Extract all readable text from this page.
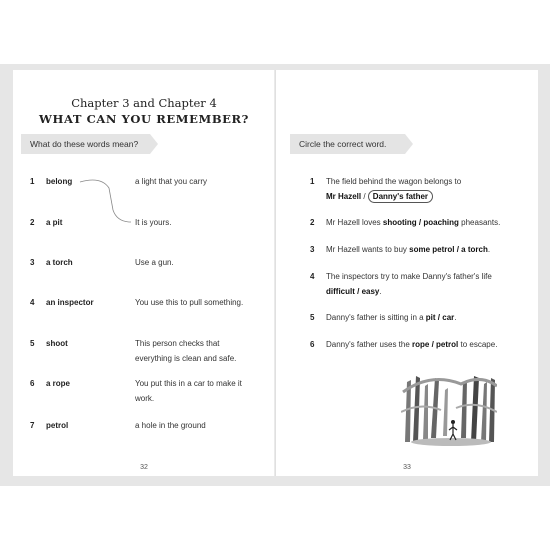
Chapter 3 and Chapter 4
WHAT CAN YOU REMEMBER?
What do these words mean?
1 belong	a light that you carry
2 a pit	It is yours.
3 a torch	Use a gun.
4 an inspector	You use this to pull something.
5 shoot	This person checks that everything is clean and safe.
6 a rope	You put this in a car to make it work.
7 petrol	a hole in the ground
32
Circle the correct word.
1 The field behind the wagon belongs to
Mr Hazell / Danny's father
2 Mr Hazell loves shooting / poaching pheasants.
3 Mr Hazell wants to buy some petrol / a torch.
4 The inspectors try to make Danny's father's life
difficult / easy.
5 Danny's father is sitting in a pit / car.
6 Danny's father uses the rope / petrol to escape.
33
